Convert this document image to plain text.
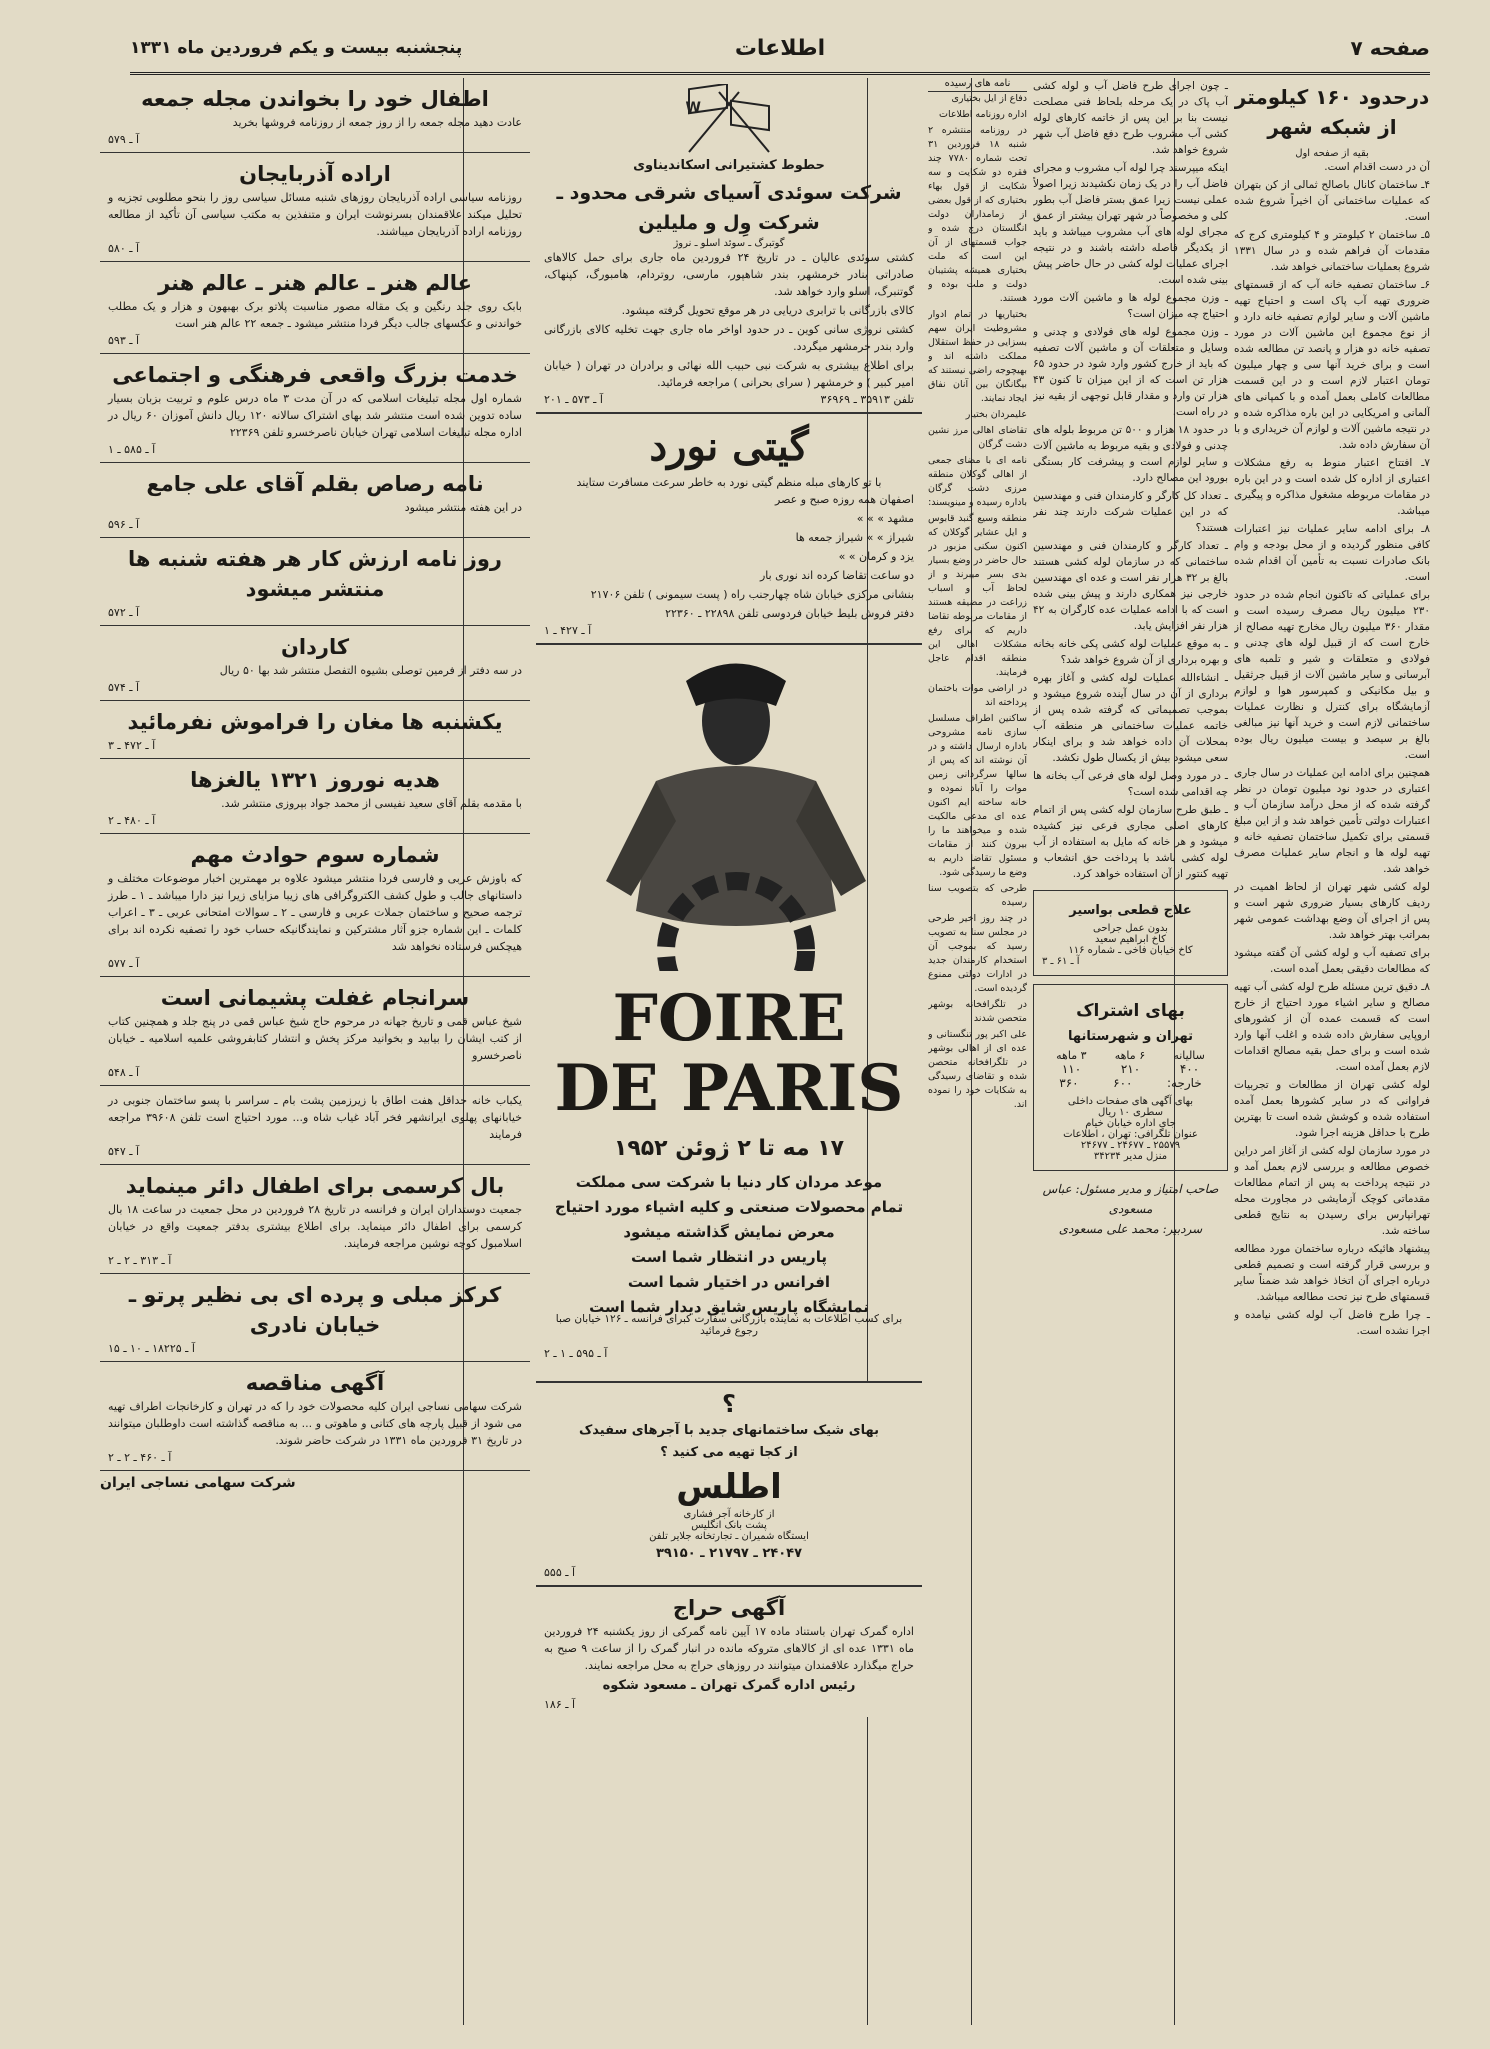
صفحه ۷
اطلاعات
پنجشنبه بیست و یکم فروردین ماه ۱۳۳۱
درحدود ۱۶۰ کیلومتر از شبکه شهر
بقیه از صفحه اول

آن در دست اقدام است.

۴ـ ساختمان کانال باصالح ثمالی از کن بتهران که عملیات ساختمانی آن اخیراً شروع شده است.

۵ـ ساختمان ۲ کیلومتر و ۴ کیلومتری کرج که مقدمات آن فراهم شده و در سال ۱۳۳۱ شروع بعملیات ساختمانی خواهد شد.

۶ـ ساختمان تصفیه خانه آب که از قسمتهای ضروری تهیه آب پاک است و احتیاج تهیه ماشین آلات و سایر لوازم تصفیه خانه دارد و از نوع مجموع این ماشین آلات در مورد تصفیه خانه دو هزار و پانصد تن مطالعه شده است و برای خرید آنها سی و چهار میلیون تومان اعتبار لازم است و در این قسمت مطالعات کاملی بعمل آمده و با کمپانی های آلمانی و امریکایی در این باره مذاکره شده و در نتیجه ماشین آلات و لوازم آن خریداری و با آن سفارش داده شد.

۷ـ افتتاح اعتبار منوط به رفع مشکلات اعتباری از اداره کل شده است و در این باره در مقامات مربوطه مشغول مذاکره و پیگیری میباشد.

۸ـ برای ادامه سایر عملیات نیز اعتبارات کافی منظور گردیده و از محل بودجه و وام بانک صادرات نسبت به تأمین آن اقدام شده است.

برای عملیاتی که تاکنون انجام شده در حدود ۲۳۰ میلیون ریال مصرف رسیده است و مقدار ۳۶۰ میلیون ریال مخارج تهیه مصالح از خارج است که از قبیل لوله های چدنی و فولادی و متعلقات و شیر و تلمبه های آبرسانی و سایر ماشین آلات از قبیل جرثقیل و بیل مکانیکی و کمپرسور هوا و لوازم آزمایشگاه برای کنترل و نظارت عملیات ساختمانی لازم است و خرید آنها نیز مبالغی بالغ بر سیصد و بیست میلیون ریال بوده است.

همچنین برای ادامه این عملیات در سال جاری اعتباری در حدود نود میلیون تومان در نظر گرفته شده که از محل درآمد سازمان آب و اعتبارات دولتی تأمین خواهد شد و از این مبلغ قسمتی برای تکمیل ساختمان تصفیه خانه و تهیه لوله ها و انجام سایر عملیات مصرف خواهد شد.

لوله کشی شهر تهران از لحاظ اهمیت در ردیف کارهای بسیار ضروری شهر است و پس از اجرای آن وضع بهداشت عمومی شهر بمراتب بهتر خواهد شد.

برای تصفیه آب و لوله کشی آن گفته میشود که مطالعات دقیقی بعمل آمده است.

۸ـ دقیق ترین مسئله طرح لوله کشی آب تهیه مصالح و سایر اشیاء مورد احتیاج از خارج است که قسمت عمده آن از کشورهای اروپایی سفارش داده شده و اغلب آنها وارد شده است و برای حمل بقیه مصالح اقدامات لازم بعمل آمده است.

لوله کشی تهران از مطالعات و تجربیات فراوانی که در سایر کشورها بعمل آمده استفاده شده و کوشش شده است تا بهترین طرح با حداقل هزینه اجرا شود.

در مورد سازمان لوله کشی از آغاز امر دراین خصوص مطالعه و بررسی لازم بعمل آمد و در نتیجه پرداخت به پس از اتمام مطالعات مقدماتی کوچک آزمایشی در مجاورت محله تهرانپارس برای رسیدن به نتایج قطعی ساخته شد.

پیشنهاد هائیکه درباره ساختمان مورد مطالعه و بررسی قرار گرفته است و تصمیم قطعی درباره اجرای آن اتخاذ خواهد شد ضمناً سایر قسمتهای طرح نیز تحت مطالعه میباشد.

ـ چرا طرح فاضل آب لوله کشی نیامده و اجرا نشده است.

ـ چون اجرای طرح فاضل آب و لوله کشی آب پاک در یک مرحله بلحاظ فنی مصلحت نیست بنا بر این پس از خاتمه کارهای لوله کشی آب مشروب طرح دفع فاضل آب شهر شروع خواهد شد.

اینکه میپرسند چرا لوله آب مشروب و مجرای فاضل آب را در یک زمان نکشیدند زیرا اصولاً عملی نیست زیرا عمق بستر فاضل آب بطور کلی و مخصوصاً در شهر تهران بیشتر از عمق مجرای لوله های آب مشروب میباشد و باید از یکدیگر فاصله داشته باشند و در نتیجه اجرای عملیات لوله کشی در حال حاضر پیش بینی شده است.

ـ وزن مجموع لوله ها و ماشین آلات مورد احتیاج چه میزان است؟

ـ وزن مجموع لوله های فولادی و چدنی و وسایل و متعلقات آن و ماشین آلات تصفیه که باید از خارج کشور وارد شود در حدود ۶۵ هزار تن است که از این میزان تا کنون ۴۳ هزار تن وارد و مقدار قابل توجهی از بقیه نیز در راه است.

در حدود ۱۸ هزار و ۵۰۰ تن مربوط بلوله های چدنی و فولادی و بقیه مربوط به ماشین آلات و سایر لوازم است و پیشرفت کار بستگی بورود این مصالح دارد.

ـ تعداد کل کارگر و کارمندان فنی و مهندسین که در این عملیات شرکت دارند چند نفر هستند؟

ـ تعداد کارگر و کارمندان فنی و مهندسین ساختمانی که در سازمان لوله کشی هستند بالغ بر ۳۲ هزار نفر است و عده ای مهندسین خارجی نیز همکاری دارند و پیش بینی شده است که با ادامه عملیات عده کارگران به ۴۲ هزار نفر افزایش یابد.

ـ به موقع عملیات لوله کشی پکی خانه بخانه و بهره برداری از آن شروع خواهد شد؟

ـ انشاءالله عملیات لوله کشی و آغاز بهره برداری از آن در سال آینده شروع میشود و بموجب تصمیماتی که گرفته شده پس از خاتمه عملیات ساختمانی هر منطقه آب بمحلات آن داده خواهد شد و برای اینکار سعی میشود بیش از یکسال طول نکشد.

ـ در مورد وصل لوله های فرعی آب بخانه ها چه اقدامی شده است؟

ـ طبق طرح سازمان لوله کشی پس از اتمام کارهای اصلی مجاری فرعی نیز کشیده میشود و هر خانه که مایل به استفاده از آب لوله کشی باشد با پرداخت حق انشعاب و تهیه کنتور از آن استفاده خواهد کرد.

علاج قطعی بواسیر
بدون عمل جراحی
کاخ ابراهیم سعید
کاخ خیابان فاخی ـ شماره ۱۱۶
آ ـ ۶۱ ـ ۳
بهای اشتراک
تهران و شهرستانها
سالیانه
۶ ماهه
۳ ماهه
۴۰۰
۲۱۰
۱۱۰
خارجه:
۶۰۰
۳۶۰
بهای آگهی های صفحات داخلی
سطری ۱۰ ریال
جای اداره خیابان خیام
عنوان تلگرافی: تهران ، اطلاعات
۲۵۵۷۹ ـ ۲۴۶۷۷ ـ ۲۴۶۷۷
منزل مدیر ۳۴۲۳۴
صاحب امتیاز و مدیر مسئول: عباس مسعودی
سردبیر: محمد علی مسعودی
نامه های رسیده

دفاع از ایل بختیاری

اداره روزنامه اطلاعات

در روزنامه منتشره ۲ شنبه ۱۸ فروردین ۳۱ تحت شماره ۷۷۸۰ چند فقره دو شکایت و سه شکایت از قول بهاء بختیاری که از قول بعضی از زمامداران دولت انگلستان درج شده و جواب قسمتهای از آن این است که ملت بختیاری همیشه پشتیبان دولت و ملت بوده و هستند.

بختیاریها در تمام ادوار مشروطیت ایران سهم بسزایی در حفظ استقلال مملکت داشته اند و بهیچوجه راضی نیستند که بیگانگان بین آنان نفاق ایجاد نمایند.

علیمردان بختیار

تقاضای اهالی مرز نشین دشت گرگان

نامه ای با مضای جمعی از اهالی گوکلان منطقه مرزی دشت گرگان باداره رسیده و مینویسند:

منطقه وسیع گنبد قابوس و ایل عشایر گوکلان که اکنون سکنی مزبور در حال حاضر در وضع بسیار بدی بسر میبرند و از لحاظ آب و اسباب زراعت در مضیقه هستند از مقامات مربوطه تقاضا داریم که برای رفع مشکلات اهالی این منطقه اقدام عاجل فرمایند.

در اراضی موات باختمان پرداخته اند

ساکنین اطراف مسلسل سازی نامه مشروحی باداره ارسال داشته و در آن نوشته اند که پس از سالها سرگردانی زمین موات را آباد نموده و خانه ساخته ایم اکنون عده ای مدعی مالکیت شده و میخواهند ما را بیرون کنند از مقامات مسئول تقاضا داریم به وضع ما رسیدگی شود.

طرحی که بتصویب سنا رسیده

در چند روز اخیر طرحی در مجلس سنا به تصویب رسید که بموجب آن استخدام کارمندان جدید در ادارات دولتی ممنوع گردیده است.

در تلگرافخانه بوشهر متحصن شدند

علی اکبر پور تنگستانی و عده ای از اهالی بوشهر در تلگرافخانه متحصن شده و تقاضای رسیدگی به شکایات خود را نموده اند.

W
حطوط کشتیرانی اسکاندیناوی
شرکت سوئدی آسیای شرقی محدود ـ شرکت وِل و ملیلین
گوتبرگ ـ سوئد اسلو ـ نروژ

کشتی سوئدی عالیان ـ در تاریخ ۲۴ فروردین ماه جاری برای حمل کالاهای صادراتی بنادر خرمشهر، بندر شاهپور، مارسی، روتردام، هامبورگ، کپنهاک، گوتنبرگ، اسلو وارد خواهد شد.

کالای بازرگانی با ترابری دریایی در هر موقع تحویل گرفته میشود.

کشتی نروژی سانی کوین ـ در حدود اواخر ماه جاری جهت تخلیه کالای بازرگانی وارد بندر خرمشهر میگردد.

برای اطلاع بیشتری به شرکت نبی حبیب الله نهائی و برادران در تهران ( خیابان امیر کبیر ) و خرمشهر ( سرای بحرانی ) مراجعه فرمائید.

آ ـ ۵۷۳ ـ ۲۰۱	تلفن ۳۵۹۱۳ ـ ۳۶۹۶۹
گیتی نورد
با تو کارهای مبله منظم گیتی نورد به خاطر سرعت مسافرت ستایند

اصفهان همه روزه صبح و عصر

مشهد » » »

شیراز » » شیراز جمعه ها

یزد و کرمان » »

دو ساعت تقاضا کرده اند نوری بار

بنشانی مرکزی خیابان شاه چهارجنب راه ( پست سیمونی ) تلفن ۲۱۷۰۶

دفتر فروش بلیط خیابان فردوسی تلفن ۲۲۸۹۸ ـ ۲۲۳۶۰

آ ـ ۴۲۷ ـ ۱
FOIRE
DE PARIS
۱۷ مه تا ۲ ژوئن ۱۹۵۲

موعد مردان کار دنیا با شرکت سی مملکت

تمام محصولات صنعتی و کلیه اشیاء مورد احتیاج

معرض نمایش گذاشته میشود

پاریس در انتظار شما است

افرانس در اختیار شما است

نمایشگاه پاریس شایق دیدار شما است

برای کسب اطلاعات به نماینده بازرگانی سفارت کبرای فرانسه ـ ۱۲۶ خیابان صبا رجوع فرمائید
آ ـ ۵۹۵ ـ ۱ ـ ۲
؟
بهای شیک ساختمانهای جدید با آجرهای سفیدک
از کجا تهیه می کنید ؟
اطلس
از کارخانه آجر فشاری
پشت بانک انگلیس
ایستگاه شمیران ـ تجارتخانه جلایر تلفن
۲۴۰۴۷ ـ ۲۱۷۹۷ ـ ۳۹۱۵۰
آ ـ ۵۵۵
آگهی حراج
اداره گمرک تهران باستناد ماده ۱۷ آیین نامه گمرکی از روز یکشنبه ۲۴ فروردین ماه ۱۳۳۱ عده ای از کالاهای متروکه مانده در انبار گمرک را از ساعت ۹ صبح به حراج میگذارد علاقمندان میتوانند در روزهای حراج به محل مراجعه نمایند.
رئیس اداره گمرک تهران ـ مسعود شکوه
آ ـ ۱۸۶
اطفال خود را بخواندن مجله جمعه
عادت دهید مجله جمعه را از روز جمعه از روزنامه فروشها بخرید
آ ـ ۵۷۹
اراده آذربایجان
روزنامه سیاسی اراده آذربایجان روزهای شنبه مسائل سیاسی روز را بنحو مطلوبی تجزیه و تحلیل میکند علاقمندان بسرنوشت ایران و متنفذین به مکتب سیاسی آن تأکید از مطالعه روزنامه اراده آذربایجان میباشند.
آ ـ ۵۸۰
عالم هنر ـ عالم هنر ـ عالم هنر
بابک روی جلد رنگین و یک مقاله مصور مناسبت پلاتو برک بهبهون و هزار و یک مطلب خواندنی و عکسهای جالب دیگر فردا منتشر میشود ـ جمعه ۲۲ عالم هنر است
آ ـ ۵۹۳
خدمت بزرگ واقعی فرهنگی و اجتماعی
شماره اول مجله تبلیغات اسلامی که در آن مدت ۳ ماه درس علوم و تربیت بزبان بسیار ساده تدوین شده است منتشر شد بهای اشتراک سالانه ۱۲۰ ریال دانش آموزان ۶۰ ریال در اداره مجله تبلیغات اسلامی تهران خیابان ناصرخسرو تلفن ۲۲۳۶۹
آ ـ ۵۸۵ ـ ۱
نامه رصاص بقلم آقای علی جامع
در این هفته منتشر میشود
آ ـ ۵۹۶
روز نامه ارزش کار هر هفته شنبه ها منتشر میشود
آ ـ ۵۷۲
کاردان
در سه دفتر از فرمین توصلی بشیوه التفصل منتشر شد بها ۵۰ ریال
آ ـ ۵۷۴
یکشنبه ها مغان را فراموش نفرمائید
آ ـ ۴۷۲ ـ ۳
هدیه نوروز ۱۳۲۱ یالغزها
با مقدمه بقلم آقای سعید نفیسی از محمد جواد بپروزی منتشر شد.
آ ـ ۴۸۰ ـ ۲
شماره سوم حوادث مهم
که باوزش عربی و فارسی فردا منتشر میشود علاوه بر مهمترین اخبار موضوعات مختلف و داستانهای جالب و طول کشف الکتروگرافی های زیبا مزایای زیرا نیز دارا میباشد ـ ۱ ـ طرز ترجمه صحیح و ساختمان جملات عربی و فارسی ـ ۲ ـ سوالات امتحانی عربی ـ ۳ ـ اعراب کلمات ـ این شماره جزو آثار مشترکین و نمایندگانیکه حساب خود را تصفیه نکرده اند برای هیچکس فرستاده نخواهد شد
آ ـ ۵۷۷
سرانجام غفلت پشیمانی است
شیخ عباس قمی و تاریخ جهانه در مرحوم حاج شیخ عباس قمی در پنج جلد و همچنین کتاب از کتب ایشان را بیابید و بخوانید مرکز پخش و انتشار کتابفروشی علمیه اسلامیه ـ خیابان ناصرخسرو
آ ـ ۵۴۸
یکباب خانه حداقل هفت اطاق با زیرزمین پشت بام ـ سراسر با پسو ساختمان جنوبی در خیابانهای پهلوی ایرانشهر فخر آباد غیاب شاه و... مورد احتیاج است تلفن ۳۹۶۰۸ مراجعه فرمایند
آ ـ ۵۴۷
بال کرسمی برای اطفال دائر مینماید
جمعیت دوستداران ایران و فرانسه در تاریخ ۲۸ فروردین در محل جمعیت در ساعت ۱۸ بال کرسمی برای اطفال دائر مینماید. برای اطلاع بیشتری بدفتر جمعیت واقع در خیابان اسلامبول کوچه نوشین مراجعه فرمایند.
آ ـ ۳۱۳ ـ ۲ ـ ۲
کرکز مبلی و پرده ای بی نظیر پرتو ـ خیابان نادری
آ ـ ۱۸۲۲۵ ـ ۱۰ ـ ۱۵
آگهی مناقصه
شرکت سهامی نساجی ایران کلیه محصولات خود را که در تهران و کارخانجات اطراف تهیه می شود از قبیل پارچه های کتانی و ماهوتی و ... به مناقصه گذاشته است داوطلبان میتوانند در تاریخ ۳۱ فروردین ماه ۱۳۳۱ در شرکت حاضر شوند.
آ ـ ۴۶۰ ـ ۲ ـ ۲
شرکت سهامی نساجی ایران
